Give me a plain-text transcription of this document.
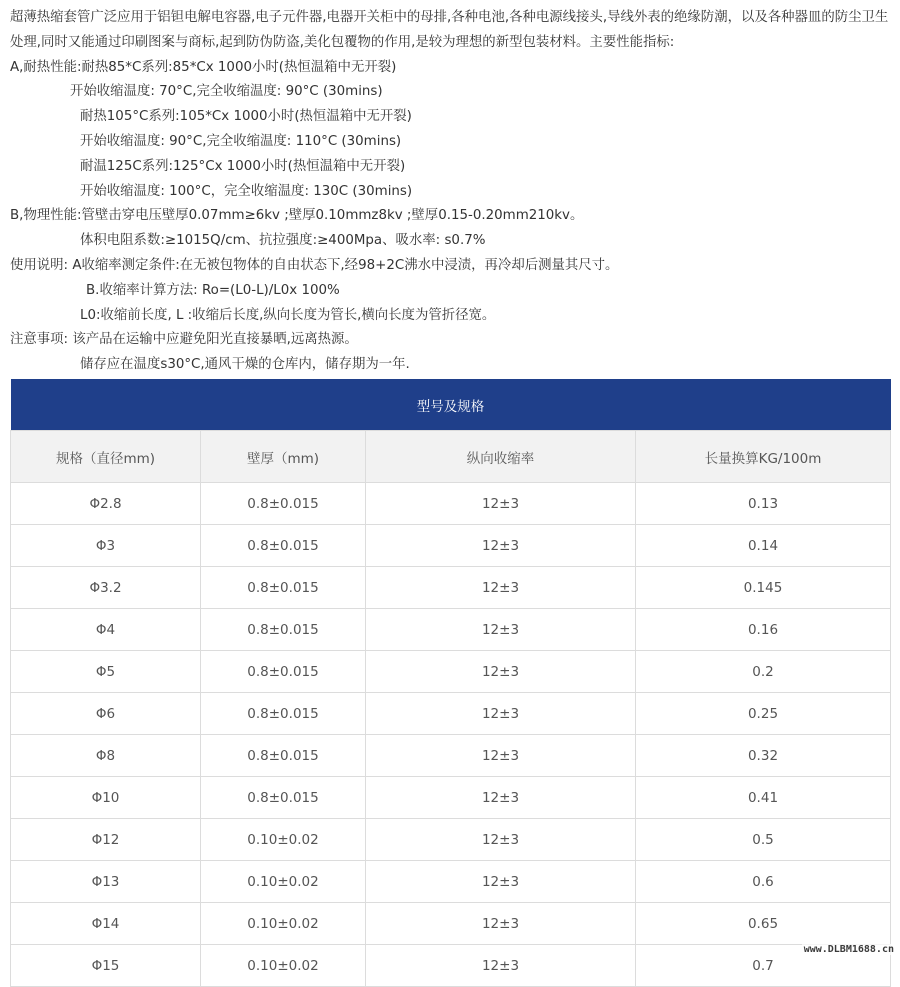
超薄热缩套管广泛应用于铝钽电解电容器,电子元件器,电器开关柜中的母排,各种电池,各种电源线接头,导线外表的绝缘防潮，以及各种器皿的防尘卫生处理,同时又能通过印刷图案与商标,起到防伪防盗,美化包覆物的作用,是较为理想的新型包装材料。主要性能指标:

A,耐热性能:耐热85*C系列:85*Cx 1000小时(热恒温箱中无开裂)

开始收缩温度: 70°C,完全收缩温度: 90°C (30mins)

耐热105°C系列:105*Cx 1000小时(热恒温箱中无开裂)

开始收缩温度: 90°C,完全收缩温度: 110°C (30mins)

耐温125C系列:125°Cx 1000小时(热恒温箱中无开裂)

开始收缩温度: 100°C，完全收缩温度: 130C (30mins)

B,物理性能:管壁击穿电压壁厚0.07mm≥6kv ;壁厚0.10mmz8kv ;壁厚0.15-0.20mm210kv。

体积电阻系数:≥1015Q/cm、抗拉强度:≥400Mpa、吸水率: s0.7%

使用说明: A收缩率测定条件:在无被包物体的自由状态下,经98+2C沸水中浸渍，再冷却后测量其尺寸。

B.收缩率计算方法: Ro=(L0-L)/L0x 100%

L0:收缩前长度, L :收缩后长度,纵向长度为管长,横向长度为管折径宽。

注意事项: 该产品在运输中应避免阳光直接暴晒,远离热源。

储存应在温度s30°C,通风干燥的仓库内，储存期为一年.

型号及规格			
规格（直径mm)	壁厚（mm)	纵向收缩率	长量换算KG/100m
Φ2.8	0.8±0.015	12±3	0.13
Φ3	0.8±0.015	12±3	0.14
Φ3.2	0.8±0.015	12±3	0.145
Φ4	0.8±0.015	12±3	0.16
Φ5	0.8±0.015	12±3	0.2
Φ6	0.8±0.015	12±3	0.25
Φ8	0.8±0.015	12±3	0.32
Φ10	0.8±0.015	12±3	0.41
Φ12	0.10±0.02	12±3	0.5
Φ13	0.10±0.02	12±3	0.6
Φ14	0.10±0.02	12±3	0.65
Φ15	0.10±0.02	12±3	0.7
www.DLBM1688.cn
